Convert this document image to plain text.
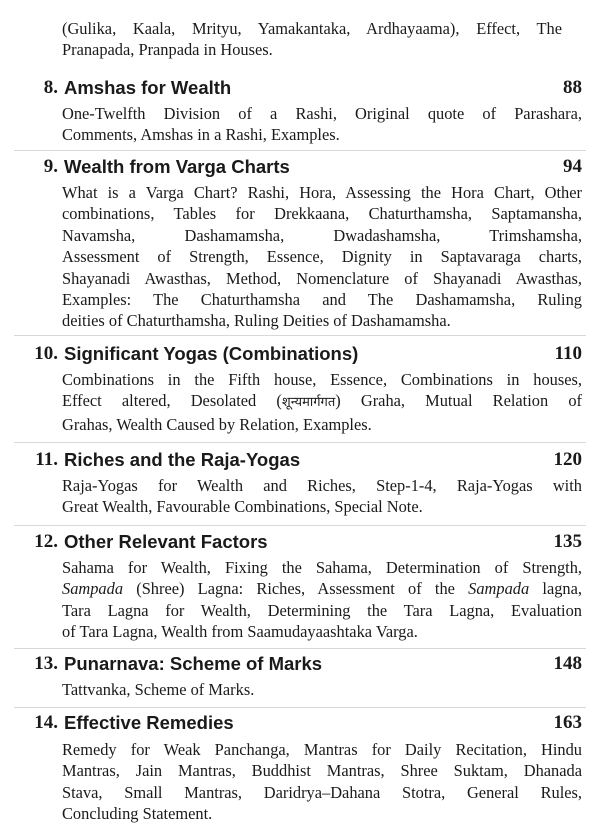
(Gulika, Kaala, Mrityu, Yamakantaka, Ardhayaama), Effect, The
Pranapada, Pranpada in Houses.
8. Amshas for Wealth	88
One-Twelfth Division of a Rashi, Original quote of Parashara,
Comments, Amshas in a Rashi, Examples.
9. Wealth from Varga Charts	94
What is a Varga Chart? Rashi, Hora, Assessing the Hora Chart, Other
combinations, Tables for Drekkaana, Chaturthamsha, Saptamansha,
Navamsha, Dashamamsha, Dwadashamsha, Trimshamsha,
Assessment of Strength, Essence, Dignity in Saptavaraga charts,
Shayanadi Awasthas, Method, Nomenclature of Shayanadi Awasthas,
Examples: The Chaturthamsha and The Dashamamsha, Ruling
deities of Chaturthamsha, Ruling Deities of Dashamamsha.
10. Significant Yogas (Combinations)	110
Combinations in the Fifth house, Essence, Combinations in houses,
Effect altered, Desolated (शून्यमार्गगत) Graha, Mutual Relation of
Grahas, Wealth Caused by Relation, Examples.
11. Riches and the Raja-Yogas	120
Raja-Yogas for Wealth and Riches, Step-1-4, Raja-Yogas with
Great Wealth, Favourable Combinations, Special Note.
12. Other Relevant Factors	135
Sahama for Wealth, Fixing the Sahama, Determination of Strength,
Sampada (Shree) Lagna: Riches, Assessment of the Sampada lagna,
Tara Lagna for Wealth, Determining the Tara Lagna, Evaluation
of Tara Lagna, Wealth from Saamudayaashtaka Varga.
13. Punarnava: Scheme of Marks	148
Tattvanka, Scheme of Marks.
14. Effective Remedies	163
Remedy for Weak Panchanga, Mantras for Daily Recitation, Hindu
Mantras, Jain Mantras, Buddhist Mantras, Shree Suktam, Dhanada
Stava, Small Mantras, Daridrya–Dahana Stotra, General Rules,
Concluding Statement.
